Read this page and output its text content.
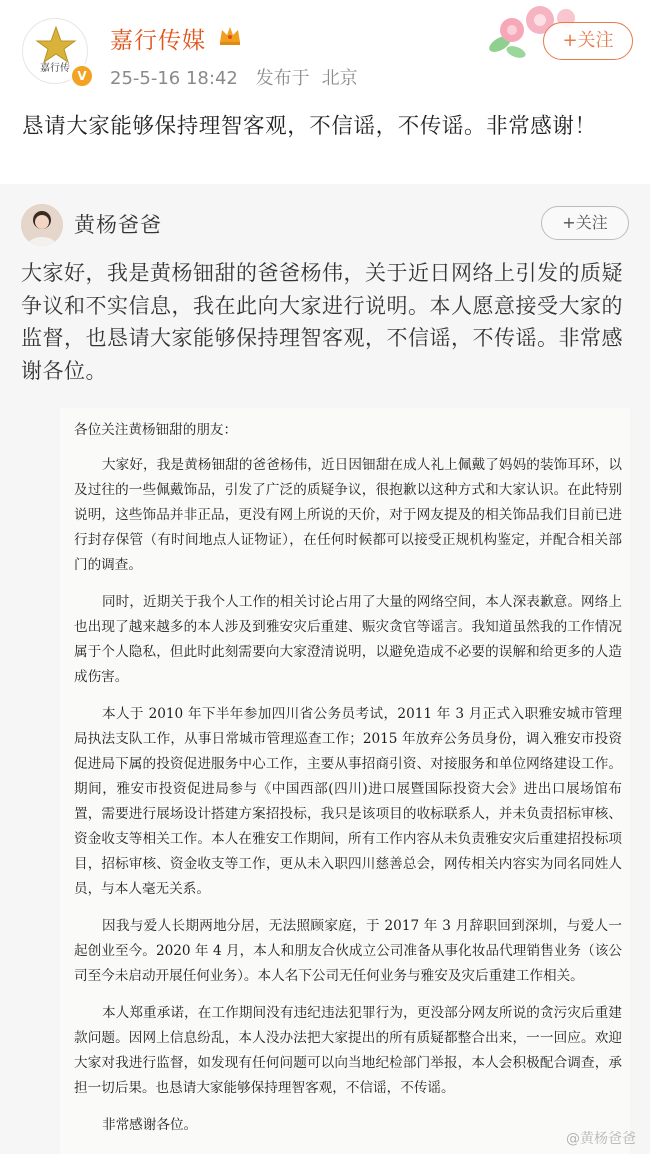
嘉行传
V
嘉行传媒
25-5-16 18:42 发布于 北京
+关注
恳请大家能够保持理智客观，不信谣，不传谣。非常感谢！
黄杨爸爸	+关注
大家好，我是黄杨钿甜的爸爸杨伟，关于近日网络上引发的质疑争议和不实信息，我在此向大家进行说明。本人愿意接受大家的监督，也恳请大家能够保持理智客观，不信谣，不传谣。非常感谢各位。

各位关注黄杨钿甜的朋友：

大家好，我是黄杨钿甜的爸爸杨伟，近日因钿甜在成人礼上佩戴了妈妈的装饰耳环，以及过往的一些佩戴饰品，引发了广泛的质疑争议，很抱歉以这种方式和大家认识。在此特别说明，这些饰品并非正品，更没有网上所说的天价，对于网友提及的相关饰品我们目前已进行封存保管（有时间地点人证物证），在任何时候都可以接受正规机构鉴定，并配合相关部门的调查。

同时，近期关于我个人工作的相关讨论占用了大量的网络空间，本人深表歉意。网络上也出现了越来越多的本人涉及到雅安灾后重建、赈灾贪官等谣言。我知道虽然我的工作情况属于个人隐私，但此时此刻需要向大家澄清说明，以避免造成不必要的误解和给更多的人造成伤害。

本人于 2010 年下半年参加四川省公务员考试，2011 年 3 月正式入职雅安城市管理局执法支队工作，从事日常城市管理巡查工作；2015 年放弃公务员身份，调入雅安市投资促进局下属的投资促进服务中心工作，主要从事招商引资、对接服务和单位网络建设工作。期间，雅安市投资促进局参与《中国西部(四川)进口展暨国际投资大会》进出口展场馆布置，需要进行展场设计搭建方案招投标，我只是该项目的收标联系人，并未负责招标审核、资金收支等相关工作。本人在雅安工作期间，所有工作内容从未负责雅安灾后重建招投标项目，招标审核、资金收支等工作，更从未入职四川慈善总会，网传相关内容实为同名同姓人员，与本人毫无关系。

因我与爱人长期两地分居，无法照顾家庭，于 2017 年 3 月辞职回到深圳，与爱人一起创业至今。2020 年 4 月，本人和朋友合伙成立公司准备从事化妆品代理销售业务（该公司至今未启动开展任何业务）。本人名下公司无任何业务与雅安及灾后重建工作相关。

本人郑重承诺，在工作期间没有违纪违法犯罪行为，更没部分网友所说的贪污灾后重建款问题。因网上信息纷乱，本人没办法把大家提出的所有质疑都整合出来，一一回应。欢迎大家对我进行监督，如发现有任何问题可以向当地纪检部门举报，本人会积极配合调查，承担一切后果。也恳请大家能够保持理智客观，不信谣，不传谣。

非常感谢各位。

@黄杨爸爸
